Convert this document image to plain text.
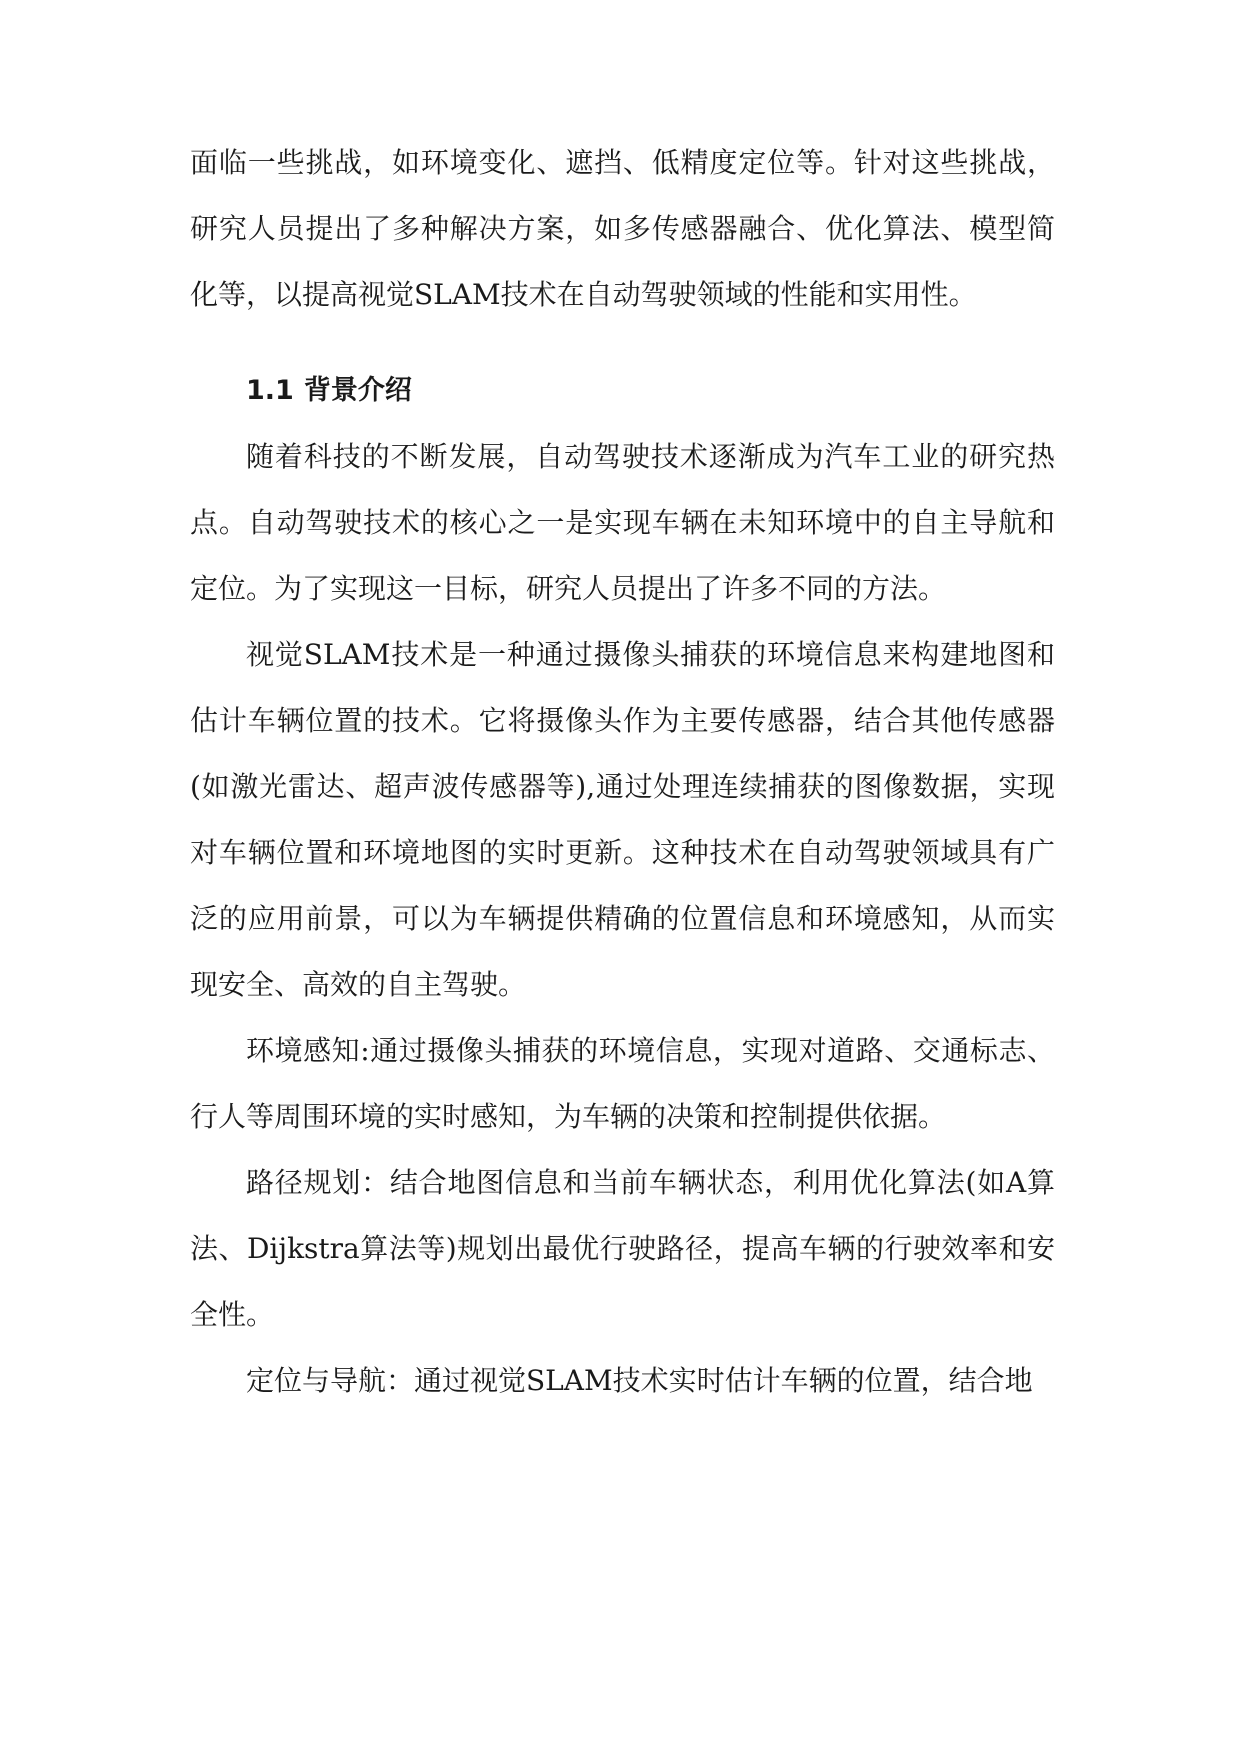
面临一些挑战，如环境变化、遮挡、低精度定位等。针对这些挑战，研究人员提出了多种解决方案，如多传感器融合、优化算法、模型简化等，以提高视觉SLAM技术在自动驾驶领域的性能和实用性。

1.1 背景介绍

随着科技的不断发展，自动驾驶技术逐渐成为汽车工业的研究热点。自动驾驶技术的核心之一是实现车辆在未知环境中的自主导航和定位。为了实现这一目标，研究人员提出了许多不同的方法。

视觉SLAM技术是一种通过摄像头捕获的环境信息来构建地图和估计车辆位置的技术。它将摄像头作为主要传感器，结合其他传感器(如激光雷达、超声波传感器等),通过处理连续捕获的图像数据，实现对车辆位置和环境地图的实时更新。这种技术在自动驾驶领域具有广泛的应用前景，可以为车辆提供精确的位置信息和环境感知，从而实现安全、高效的自主驾驶。

环境感知:通过摄像头捕获的环境信息，实现对道路、交通标志、行人等周围环境的实时感知，为车辆的决策和控制提供依据。

路径规划：结合地图信息和当前车辆状态，利用优化算法(如A算法、Dijkstra算法等)规划出最优行驶路径，提高车辆的行驶效率和安全性。

定位与导航：通过视觉SLAM技术实时估计车辆的位置，结合地
